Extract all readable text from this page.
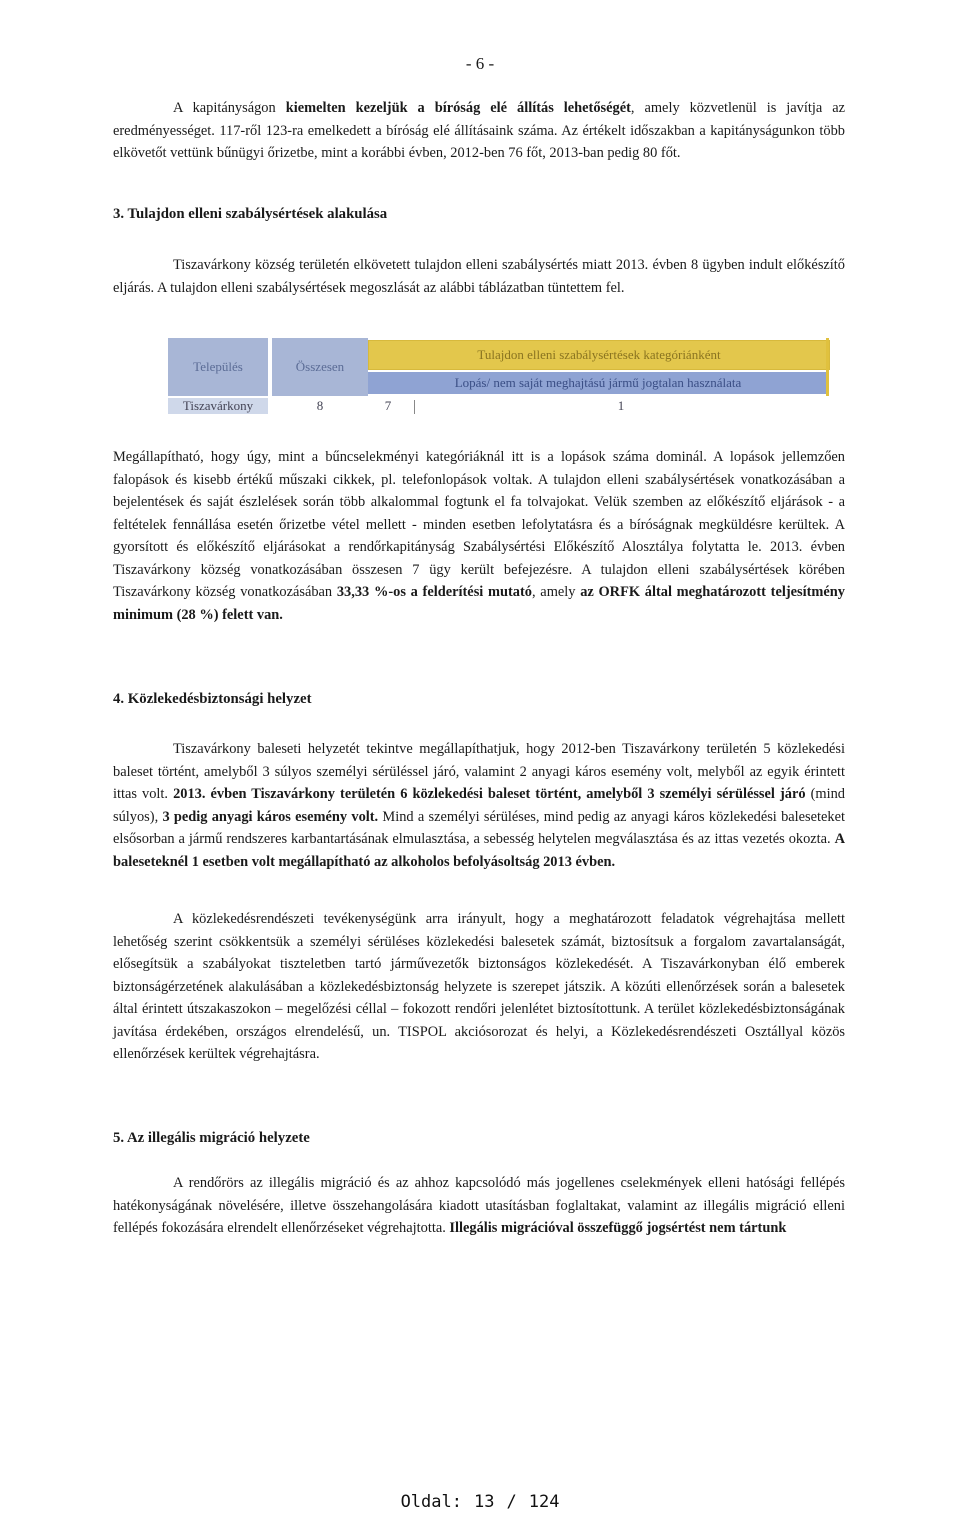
- 6 -

A kapitányságon kiemelten kezeljük a bíróság elé állítás lehetőségét, amely közvetlenül is javítja az eredményességet. 117-ről 123-ra emelkedett a bíróság elé állításaink száma. Az értékelt időszakban a kapitányságunkon több elkövetőt vettünk bűnügyi őrizetbe, mint a korábbi évben, 2012-ben 76 főt, 2013-ban pedig 80 főt.

3. Tulajdon elleni szabálysértések alakulása

Tiszavárkony község területén elkövetett tulajdon elleni szabálysértés miatt 2013. évben 8 ügyben indult előkészítő eljárás. A tulajdon elleni szabálysértések megoszlását az alábbi táblázatban tüntettem fel.

Település	Összesen
Tulajdon elleni szabálysértések kategóriánként
Lopás/ nem saját meghajtású jármű jogtalan használata
Tiszavárkony	8	7	1

Megállapítható, hogy úgy, mint a bűncselekményi kategóriáknál itt is a lopások száma dominál. A lopások jellemzően falopások és kisebb értékű műszaki cikkek, pl. telefonlopások voltak. A tulajdon elleni szabálysértések vonatkozásában a bejelentések és saját észlelések során több alkalommal fogtunk el fa tolvajokat. Velük szemben az előkészítő eljárások - a feltételek fennállása esetén őrizetbe vétel mellett - minden esetben lefolytatásra és a bíróságnak megküldésre kerültek. A gyorsított és előkészítő eljárásokat a rendőrkapitányság Szabálysértési Előkészítő Alosztálya folytatta le. 2013. évben Tiszavárkony község vonatkozásában összesen 7 ügy került befejezésre. A tulajdon elleni szabálysértések körében Tiszavárkony község vonatkozásában 33,33 %-os a felderítési mutató, amely az ORFK által meghatározott teljesítmény minimum (28 %) felett van.

4. Közlekedésbiztonsági helyzet

Tiszavárkony baleseti helyzetét tekintve megállapíthatjuk, hogy 2012-ben Tiszavárkony területén 5 közlekedési baleset történt, amelyből 3 súlyos személyi sérüléssel járó, valamint 2 anyagi káros esemény volt, melyből az egyik érintett ittas volt. 2013. évben Tiszavárkony területén 6 közlekedési baleset történt, amelyből 3 személyi sérüléssel járó (mind súlyos), 3 pedig anyagi káros esemény volt. Mind a személyi sérüléses, mind pedig az anyagi káros közlekedési baleseteket elsősorban a jármű rendszeres karbantartásának elmulasztása, a sebesség helytelen megválasztása és az ittas vezetés okozta. A baleseteknél 1 esetben volt megállapítható az alkoholos befolyásoltság 2013 évben.

A közlekedésrendészeti tevékenységünk arra irányult, hogy a meghatározott feladatok végrehajtása mellett lehetőség szerint csökkentsük a személyi sérüléses közlekedési balesetek számát, biztosítsuk a forgalom zavartalanságát, elősegítsük a szabályokat tiszteletben tartó járművezetők biztonságos közlekedését. A Tiszavárkonyban élő emberek biztonságérzetének alakulásában a közlekedésbiztonság helyzete is szerepet játszik. A közúti ellenőrzések során a balesetek által érintett útszakaszokon – megelőzési céllal – fokozott rendőri jelenlétet biztosítottunk. A terület közlekedésbiztonságának javítása érdekében, országos elrendelésű, un. TISPOL akciósorozat és helyi, a Közlekedésrendészeti Osztállyal közös ellenőrzések kerültek végrehajtásra.

5. Az illegális migráció helyzete

A rendőrörs az illegális migráció és az ahhoz kapcsolódó más jogellenes cselekmények elleni hatósági fellépés hatékonyságának növelésére, illetve összehangolására kiadott utasításban foglaltakat, valamint az illegális migráció elleni fellépés fokozására elrendelt ellenőrzéseket végrehajtotta. Illegális migrációval összefüggő jogsértést nem tártunk

Oldal: 13 / 124
